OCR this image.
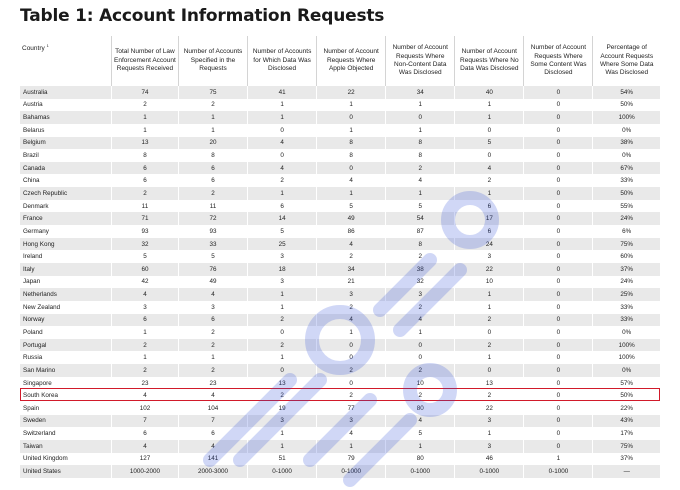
Table 1: Account Information Requests
Country $^1$	Total Number of Law Enforcement Account Requests Received	Number of Accounts Specified in the Requests	Number of Accounts for Which Data Was Disclosed	Number of Account Requests Where Apple Objected	Number of Account Requests Where Non-Content Data Was Disclosed	Number of Account Requests Where No Data Was Disclosed	Number of Account Requests Where Some Content Was Disclosed	Percentage of Account Requests Where Some Data Was Disclosed
Australia	74	75	41	22	34	40	0	54%
Austria	2	2	1	1	1	1	0	50%
Bahamas	1	1	1	0	0	1	0	100%
Belarus	1	1	0	1	1	0	0	0%
Belgium	13	20	4	8	8	5	0	38%
Brazil	8	8	0	8	8	0	0	0%
Canada	6	6	4	0	2	4	0	67%
China	6	6	2	4	4	2	0	33%
Czech Republic	2	2	1	1	1	1	0	50%
Denmark	11	11	6	5	5	6	0	55%
France	71	72	14	49	54	17	0	24%
Germany	93	93	5	86	87	6	0	6%
Hong Kong	32	33	25	4	8	24	0	75%
Ireland	5	5	3	2	2	3	0	60%
Italy	60	76	18	34	38	22	0	37%
Japan	42	49	3	21	32	10	0	24%
Netherlands	4	4	1	3	3	1	0	25%
New Zealand	3	3	1	2	2	1	0	33%
Norway	6	6	2	4	4	2	0	33%
Poland	1	2	0	1	1	0	0	0%
Portugal	2	2	2	0	0	2	0	100%
Russia	1	1	1	0	0	1	0	100%
San Marino	2	2	0	2	2	0	0	0%
Singapore	23	23	13	0	10	13	0	57%
South Korea	4	4	2	2	2	2	0	50%
Spain	102	104	19	77	80	22	0	22%
Sweden	7	7	3	3	4	3	0	43%
Switzerland	6	6	1	4	5	1	0	17%
Taiwan	4	4	1	1	1	3	0	75%
United Kingdom	127	141	51	79	80	46	1	37%
United States	1000-2000	2000-3000	0-1000	0-1000	0-1000	0-1000	0-1000	—
